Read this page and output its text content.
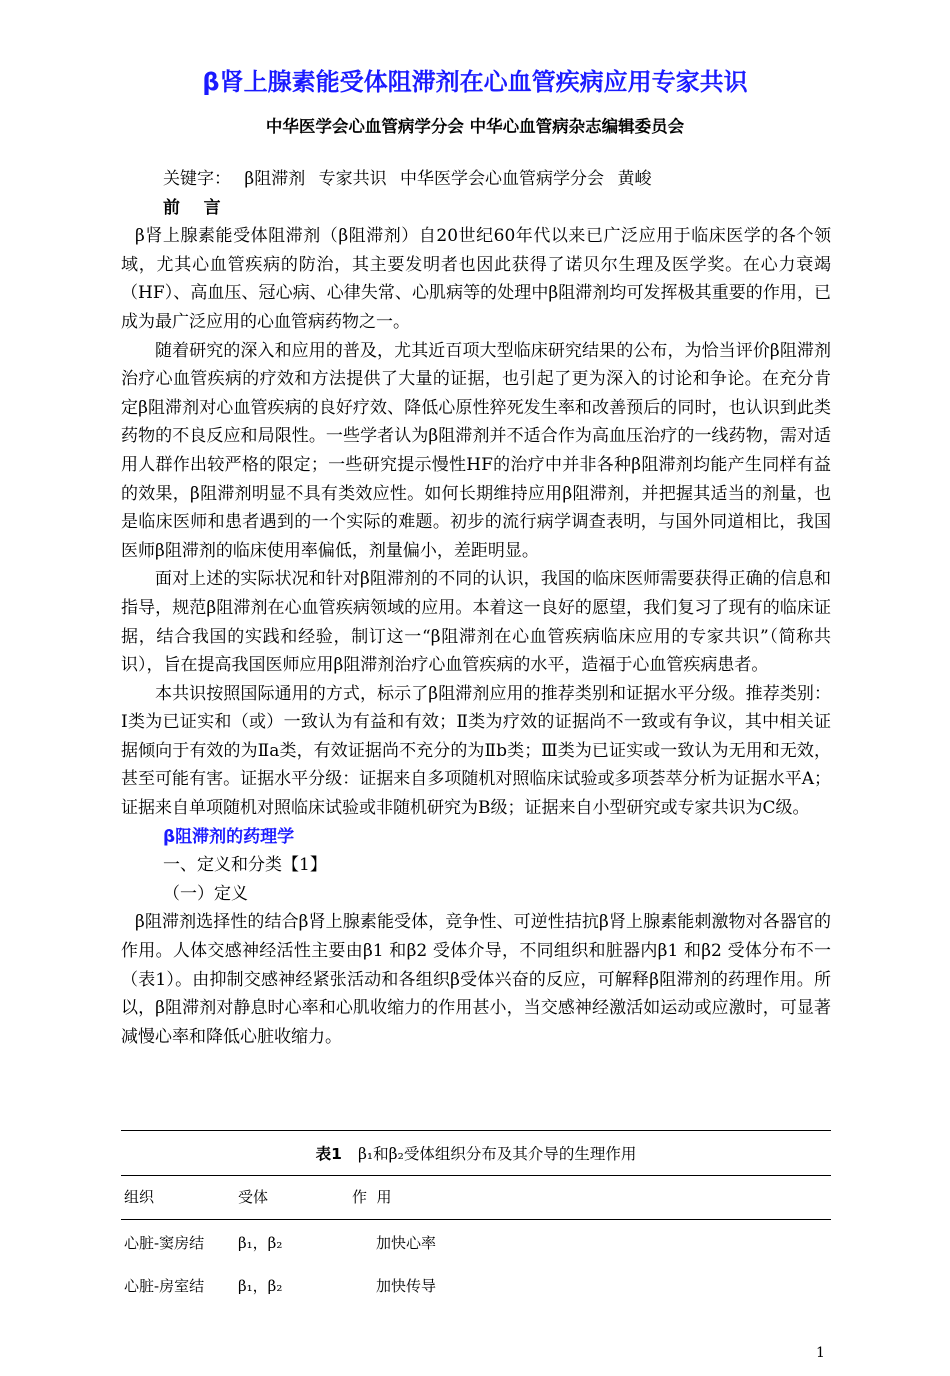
β肾上腺素能受体阻滞剂在心血管疾病应用专家共识
中华医学会心血管病学分会 中华心血管病杂志编辑委员会

关键字： β阻滞剂 专家共识 中华医学会心血管病学分会 黄峻

前    言

β肾上腺素能受体阻滞剂（β阻滞剂）自20世纪60年代以来已广泛应用于临床医学的各个领域，尤其心血管疾病的防治，其主要发明者也因此获得了诺贝尔生理及医学奖。在心力衰竭（HF）、高血压、冠心病、心律失常、心肌病等的处理中β阻滞剂均可发挥极其重要的作用，已成为最广泛应用的心血管病药物之一。

随着研究的深入和应用的普及，尤其近百项大型临床研究结果的公布，为恰当评价β阻滞剂治疗心血管疾病的疗效和方法提供了大量的证据，也引起了更为深入的讨论和争论。在充分肯定β阻滞剂对心血管疾病的良好疗效、降低心原性猝死发生率和改善预后的同时，也认识到此类药物的不良反应和局限性。一些学者认为β阻滞剂并不适合作为高血压治疗的一线药物，需对适用人群作出较严格的限定；一些研究提示慢性HF的治疗中并非各种β阻滞剂均能产生同样有益的效果，β阻滞剂明显不具有类效应性。如何长期维持应用β阻滞剂，并把握其适当的剂量，也是临床医师和患者遇到的一个实际的难题。初步的流行病学调查表明，与国外同道相比，我国医师β阻滞剂的临床使用率偏低，剂量偏小，差距明显。

面对上述的实际状况和针对β阻滞剂的不同的认识，我国的临床医师需要获得正确的信息和指导，规范β阻滞剂在心血管疾病领域的应用。本着这一良好的愿望，我们复习了现有的临床证据，结合我国的实践和经验，制订这一“β阻滞剂在心血管疾病临床应用的专家共识”（简称共识），旨在提高我国医师应用β阻滞剂治疗心血管疾病的水平，造福于心血管疾病患者。

本共识按照国际通用的方式，标示了β阻滞剂应用的推荐类别和证据水平分级。推荐类别：Ⅰ类为已证实和（或）一致认为有益和有效；Ⅱ类为疗效的证据尚不一致或有争议，其中相关证据倾向于有效的为Ⅱa类，有效证据尚不充分的为Ⅱb类；Ⅲ类为已证实或一致认为无用和无效，甚至可能有害。证据水平分级：证据来自多项随机对照临床试验或多项荟萃分析为证据水平A；证据来自单项随机对照临床试验或非随机研究为B级；证据来自小型研究或专家共识为C级。

β阻滞剂的药理学

一、定义和分类【1】

（一）定义

β阻滞剂选择性的结合β肾上腺素能受体，竞争性、可逆性拮抗β肾上腺素能刺激物对各器官的作用。人体交感神经活性主要由β1 和β2 受体介导，不同组织和脏器内β1 和β2 受体分布不一（表1）。由抑制交感神经紧张活动和各组织β受体兴奋的反应，可解释β阻滞剂的药理作用。所以，β阻滞剂对静息时心率和心肌收缩力的作用甚小，当交感神经激活如运动或应激时，可显著减慢心率和降低心脏收缩力。

表1 β₁和β₂受体组织分布及其介导的生理作用
组织	受体	作  用
心脏-窦房结 β₁，β₂	加快心率
心脏-房室结 β₁，β₂	加快传导
1
